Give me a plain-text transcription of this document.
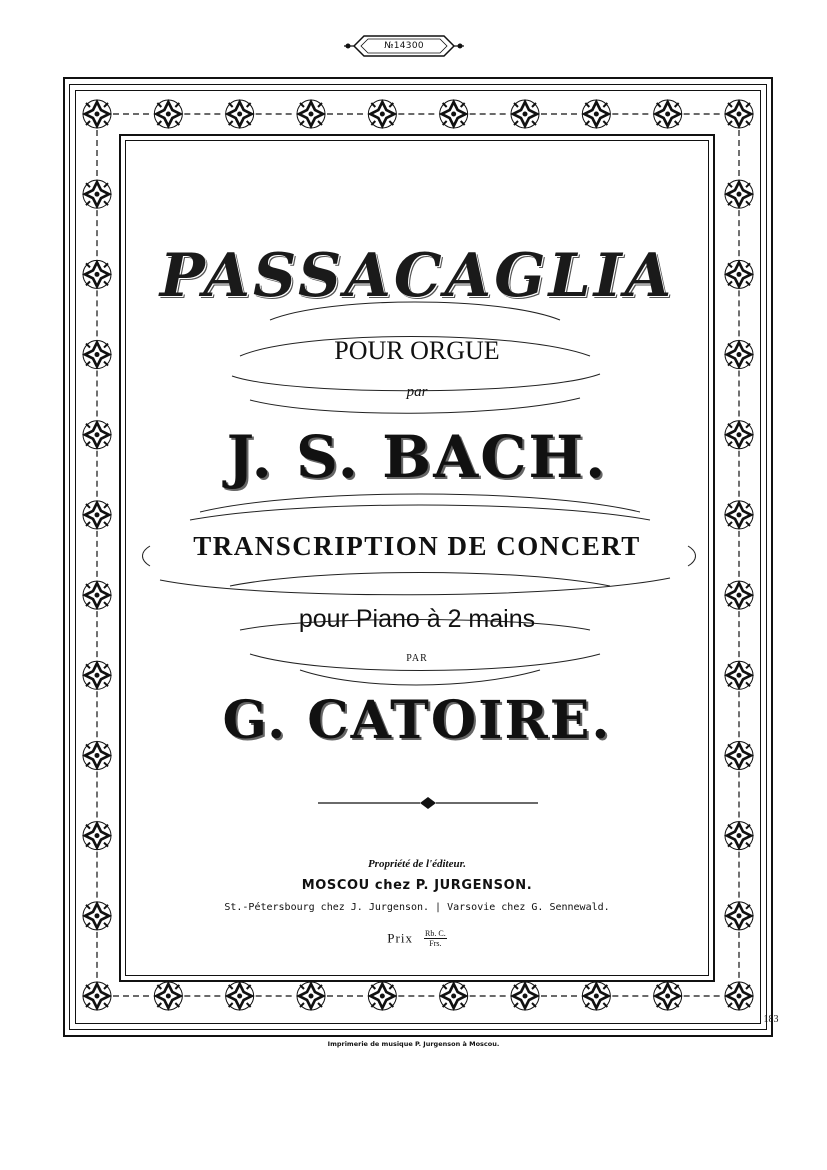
№14300
PASSACAGLIA
POUR ORGUE
par
J. S. BACH.
TRANSCRIPTION DE CONCERT
pour Piano à 2 mains
PAR
G. CATOIRE.
Propriété de l'éditeur.
MOSCOU chez P. JURGENSON.
St.-Pétersbourg chez J. Jurgenson. | Varsovie chez G. Sennewald.
Prix Rb. C.
Frs.
183
Imprimerie de musique P. Jurgenson à Moscou.
